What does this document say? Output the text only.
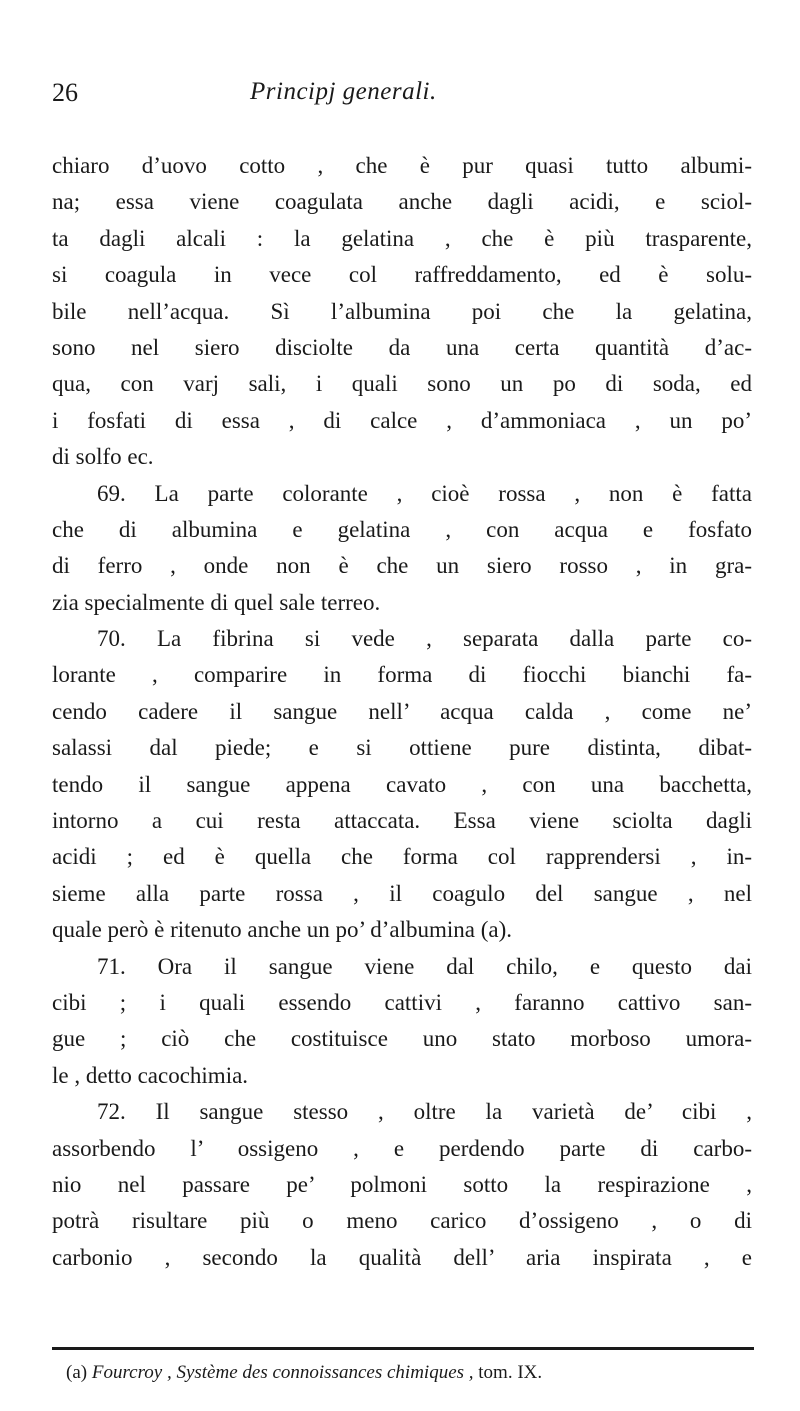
26	Principj generali.
chiaro d’uovo cotto , che è pur quasi tutto albumi-
na; essa viene coagulata anche dagli acidi, e sciol-
ta dagli alcali : la gelatina , che è più trasparente,
si coagula in vece col raffreddamento, ed è solu-
bile nell’acqua. Sì l’albumina poi che la gelatina,
sono nel siero disciolte da una certa quantità d’ac-
qua, con varj sali, i quali sono un po di soda, ed
i fosfati di essa , di calce , d’ammoniaca , un po’
di solfo ec.
69. La parte colorante , cioè rossa , non è fatta
che di albumina e gelatina , con acqua e fosfato
di ferro , onde non è che un siero rosso , in gra-
zia specialmente di quel sale terreo.
70. La fibrina si vede , separata dalla parte co-
lorante , comparire in forma di fiocchi bianchi fa-
cendo cadere il sangue nell’ acqua calda , come ne’
salassi dal piede; e si ottiene pure distinta, dibat-
tendo il sangue appena cavato , con una bacchetta,
intorno a cui resta attaccata. Essa viene sciolta dagli
acidi ; ed è quella che forma col rapprendersi , in-
sieme alla parte rossa , il coagulo del sangue , nel
quale però è ritenuto anche un po’ d’albumina (a).
71. Ora il sangue viene dal chilo, e questo dai
cibi ; i quali essendo cattivi , faranno cattivo san-
gue ; ciò che costituisce uno stato morboso umora-
le , detto cacochimia.
72. Il sangue stesso , oltre la varietà de’ cibi ,
assorbendo l’ ossigeno , e perdendo parte di carbo-
nio nel passare pe’ polmoni sotto la respirazione ,
potrà risultare più o meno carico d’ossigeno , o di
carbonio , secondo la qualità dell’ aria inspirata , e
(a) Fourcroy , Système des connoissances chimiques , tom. IX.
